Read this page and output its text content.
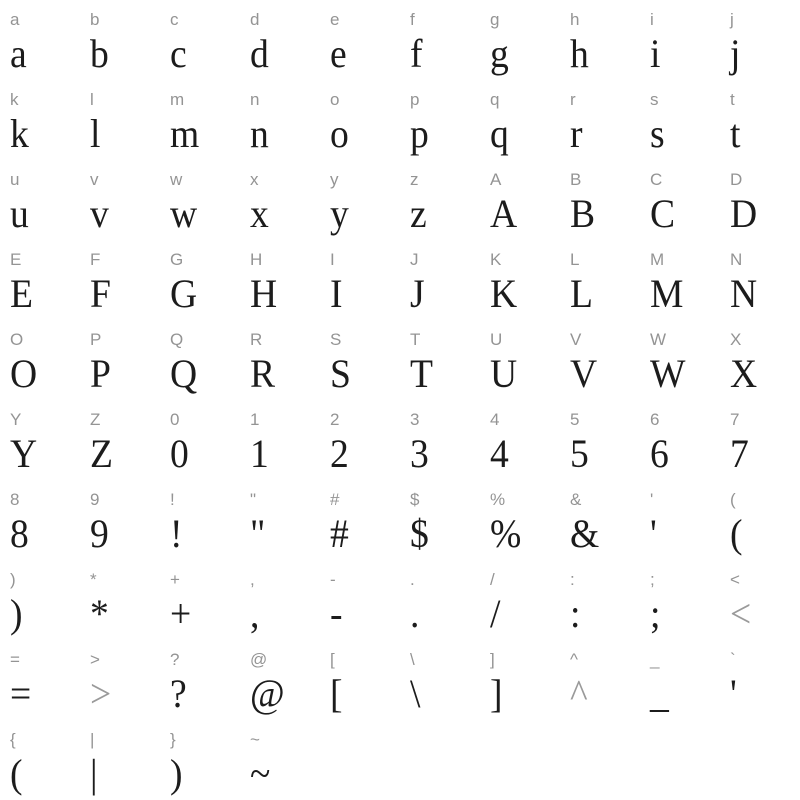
a
a
b
b
c
c
d
d
e
e
f
f
g
g
h
h
i
i
j
j
k
k
l
l
m
m
n
n
o
o
p
p
q
q
r
r
s
s
t
t
u
u
v
v
w
w
x
x
y
y
z
z
A
A
B
B
C
C
D
D
E
E
F
F
G
G
H
H
I
I
J
J
K
K
L
L
M
M
N
N
O
O
P
P
Q
Q
R
R
S
S
T
T
U
U
V
V
W
W
X
X
Y
Y
Z
Z
0
0
1
1
2
2
3
3
4
4
5
5
6
6
7
7
8
8
9
9
!
!
"
"
#
#
$
$
%
%
&
&
'
'
(
(
)
)
*
*
+
+
,
,
-
-
.
.
/
/
:
:
;
;
<
<
=
=
>
>
?
?
@
@
[
[
\
\
]
]
^
^
_
_
`
'
{
(
|
|
}
)
~
~
